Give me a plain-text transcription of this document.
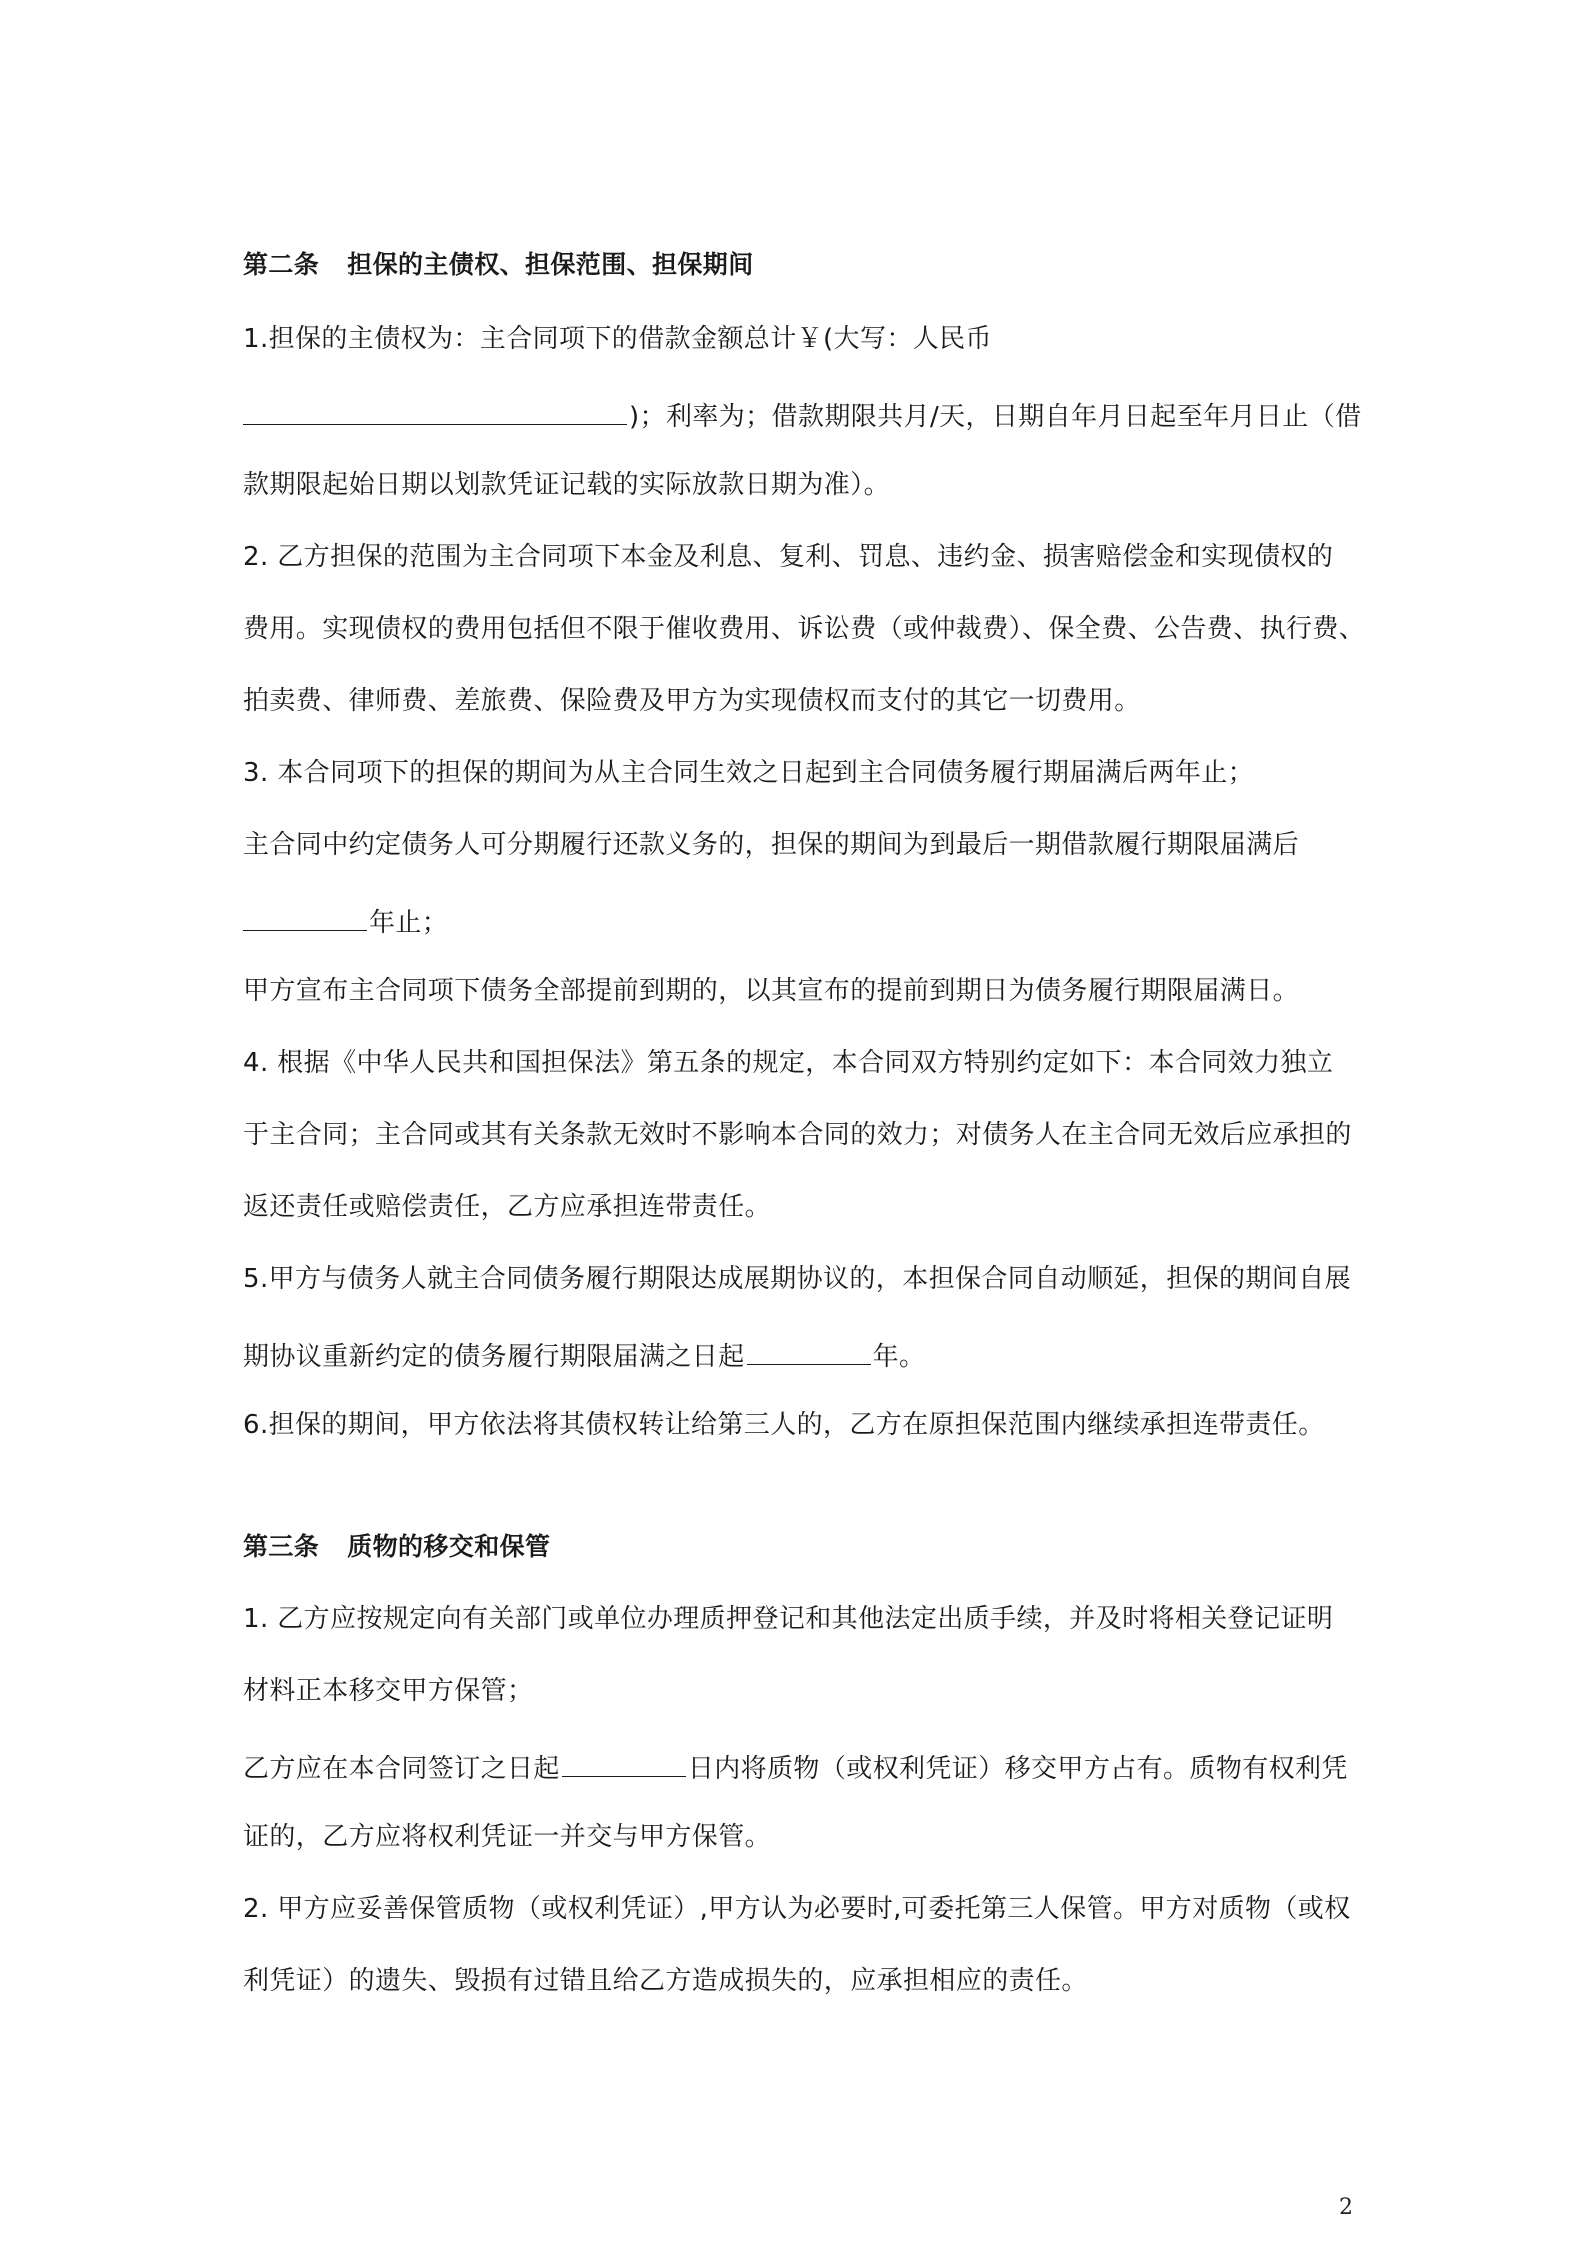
第二条 担保的主债权、担保范围、担保期间
1.担保的主债权为：主合同项下的借款金额总计￥(大写：人民币
)；利率为；借款期限共月/天，日期自年月日起至年月日止（借
款期限起始日期以划款凭证记载的实际放款日期为准）。
2. 乙方担保的范围为主合同项下本金及利息、复利、罚息、违约金、损害赔偿金和实现债权的
费用。实现债权的费用包括但不限于催收费用、诉讼费（或仲裁费）、保全费、公告费、执行费、
拍卖费、律师费、差旅费、保险费及甲方为实现债权而支付的其它一切费用。
3. 本合同项下的担保的期间为从主合同生效之日起到主合同债务履行期届满后两年止；
主合同中约定债务人可分期履行还款义务的，担保的期间为到最后一期借款履行期限届满后
年止；
甲方宣布主合同项下债务全部提前到期的，以其宣布的提前到期日为债务履行期限届满日。
4. 根据《中华人民共和国担保法》第五条的规定，本合同双方特别约定如下：本合同效力独立
于主合同；主合同或其有关条款无效时不影响本合同的效力；对债务人在主合同无效后应承担的
返还责任或赔偿责任，乙方应承担连带责任。
5.甲方与债务人就主合同债务履行期限达成展期协议的，本担保合同自动顺延，担保的期间自展
期协议重新约定的债务履行期限届满之日起	年。
6.担保的期间，甲方依法将其债权转让给第三人的，乙方在原担保范围内继续承担连带责任。
第三条 质物的移交和保管
1. 乙方应按规定向有关部门或单位办理质押登记和其他法定出质手续，并及时将相关登记证明
材料正本移交甲方保管；
乙方应在本合同签订之日起	日内将质物（或权利凭证）移交甲方占有。质物有权利凭
证的，乙方应将权利凭证一并交与甲方保管。
2. 甲方应妥善保管质物（或权利凭证）,甲方认为必要时,可委托第三人保管。甲方对质物（或权
利凭证）的遗失、毁损有过错且给乙方造成损失的，应承担相应的责任。
2
